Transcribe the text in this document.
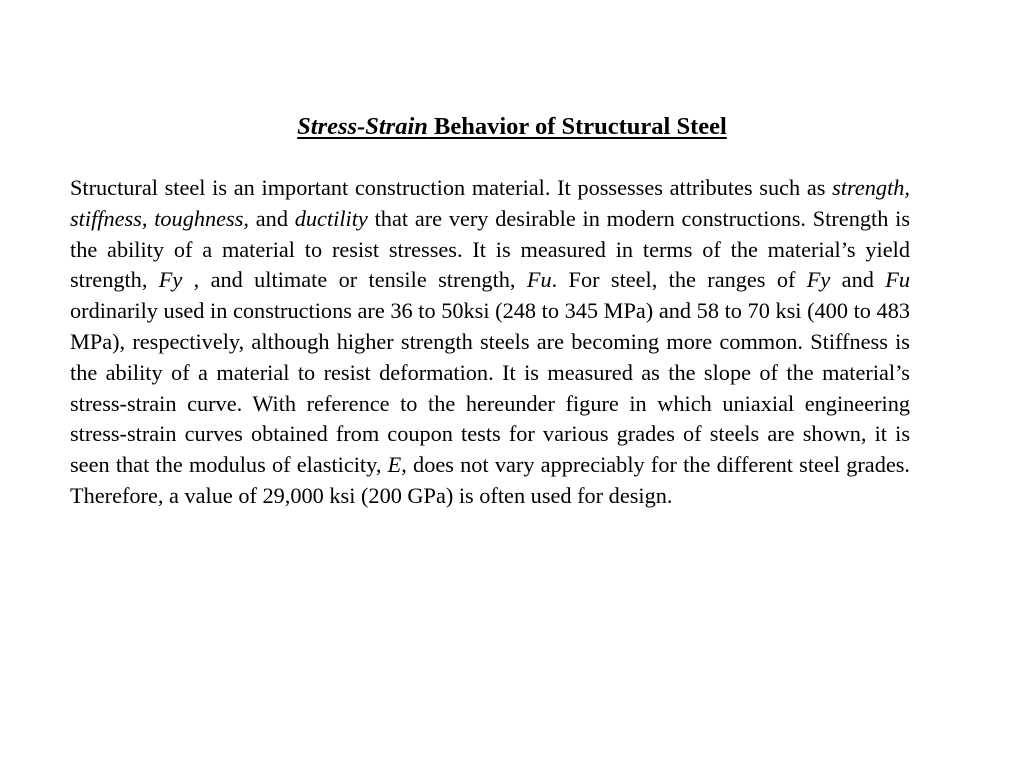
Stress-Strain Behavior of Structural Steel

Structural steel is an important construction material. It possesses attributes such as strength, stiffness, toughness, and ductility that are very desirable in modern constructions. Strength is the ability of a material to resist stresses. It is measured in terms of the material’s yield strength, Fy , and ultimate or tensile strength, Fu. For steel, the ranges of Fy and Fu ordinarily used in constructions are 36 to 50ksi (248 to 345 MPa) and 58 to 70 ksi (400 to 483 MPa), respectively, although higher strength steels are becoming more common. Stiffness is the ability of a material to resist deformation. It is measured as the slope of the material’s stress-strain curve. With reference to the hereunder figure in which uniaxial engineering stress-strain curves obtained from coupon tests for various grades of steels are shown, it is seen that the modulus of elasticity, E, does not vary appreciably for the different steel grades. Therefore, a value of 29,000 ksi (200 GPa) is often used for design.
